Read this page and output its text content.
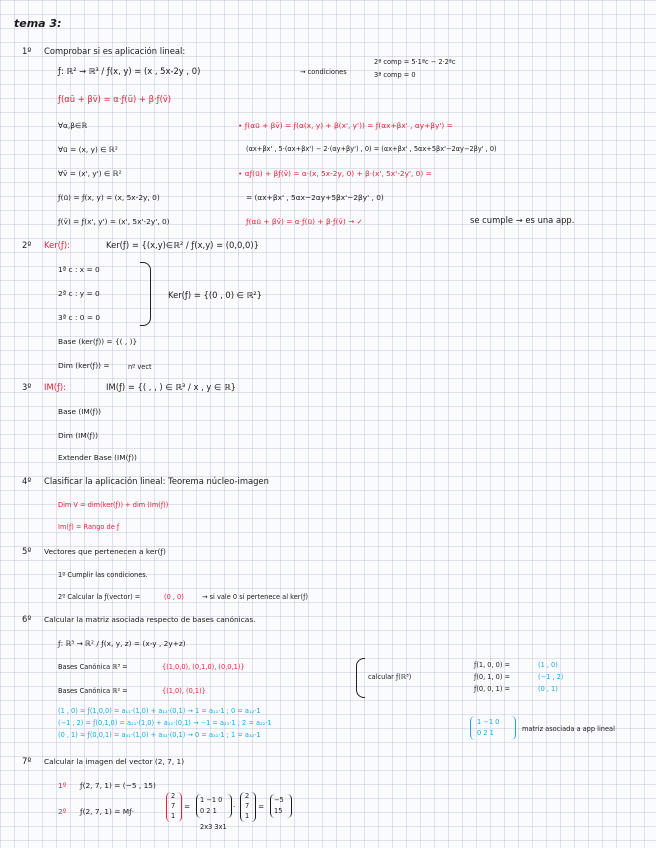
tema 3:
1º Comprobar si es aplicación lineal:
ƒ: ℝ² → ℝ³ / ƒ(x, y) = (x , 5x-2y , 0)	→ condiciones
2ª comp = 5·1ªc − 2·2ªc
3ª comp = 0
ƒ(αū + βv̄) = α·ƒ(ū) + β·ƒ(v̄)
∀α,β∈ℝ
∀ū = (x, y) ∈ ℝ²
∀v̄ = (x', y') ∈ ℝ²
ƒ(ū) = ƒ(x, y) = (x, 5x-2y, 0)
ƒ(v̄) = ƒ(x', y') = (x', 5x'-2y', 0)
• ƒ(αū + βv̄) = ƒ(α(x, y) + β(x', y')) = ƒ(αx+βx' , αy+βy') =
(αx+βx' , 5·(αx+βx') − 2·(αy+βy') , 0) = (αx+βx' , 5αx+5βx'−2αy−2βy' , 0)
• αƒ(ū) + βƒ(v̄) = α·(x, 5x-2y, 0) + β·(x', 5x'-2y', 0) =
= (αx+βx' , 5αx−2αy+5βx'−2βy' , 0)
ƒ(αū + βv̄) = α·ƒ(ū) + β·ƒ(v̄) → ✓	se cumple → es una app.
2º Ker(ƒ):	Ker(ƒ) = {(x,y)∈ℝ² / ƒ(x,y) = (0,0,0)}
1ª c : x = 0
2ª c : y = 0
3ª c : 0 = 0
Ker(ƒ) = {(0 , 0) ∈ ℝ²}
Base (ker(ƒ)) = {( , )}
Dim (ker(ƒ)) =	nº vect
3º IM(ƒ):	IM(ƒ) = {( , , ) ∈ ℝ³ / x , y ∈ ℝ}
Base (IM(ƒ))
Dim (IM(ƒ))
Extender Base (IM(ƒ))
4º Clasificar la aplicación lineal: Teorema núcleo-imagen
Dim V = dim(ker(ƒ)) + dim (Im(ƒ))
Im(ƒ) = Rango de ƒ
5º Vectores que pertenecen a ker(ƒ)
1º Cumplir las condiciones.
2º Calcular la ƒ(vector) =	(0 , 0)	→ si vale 0 si pertenece al ker(ƒ)
6º Calcular la matriz asociada respecto de bases canónicas.
ƒ: ℝ³ → ℝ² / ƒ(x, y, z) = (x-y , 2y+z)
Bases Canónica ℝ³ =	{(1,0,0), (0,1,0), (0,0,1)}
Bases Canónica ℝ² =	{(1,0), (0,1)}
calcular ƒ(ℝ³)
ƒ(1, 0, 0) =	(1 , 0)
ƒ(0, 1, 0) =	(−1 , 2)
ƒ(0, 0, 1) =	(0 , 1)
(1 , 0) = ƒ(1,0,0) = a₁₁·(1,0) + a₁₂·(0,1) → 1 = a₁₁·1 ; 0 = a₁₂·1
(−1 , 2) = ƒ(0,1,0) = a₂₁·(1,0) + a₂₂·(0,1) → −1 = a₂₁·1 ; 2 = a₂₂·1
(0 , 1) = ƒ(0,0,1) = a₃₁·(1,0) + a₃₂·(0,1) → 0 = a₃₁·1 ; 1 = a₃₂·1
1 −1 0
0 2 1	matriz asociada a app lineal
7º Calcular la imagen del vector (2, 7, 1)
1º ƒ(2, 7, 1) = (−5 , 15)
2º ƒ(2, 7, 1) = Mƒ·
2
7
1
=
1 −1 0
0 2 1 ·
2
7
1
=
−5
15
2x3 3x1
